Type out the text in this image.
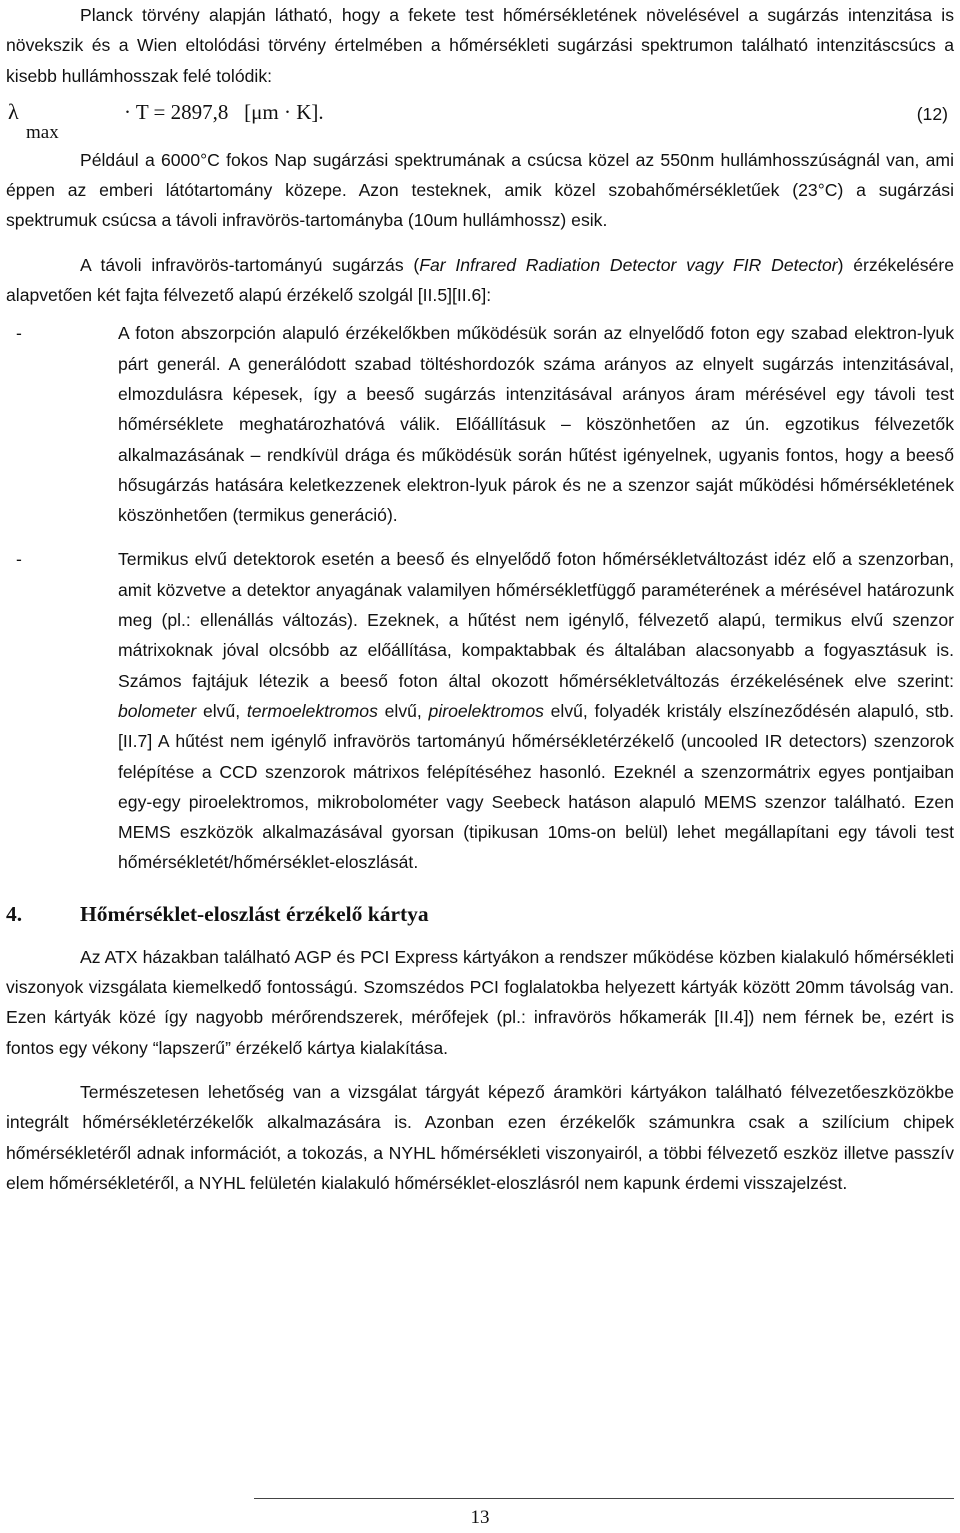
Planck törvény alapján látható, hogy a fekete test hőmérsékletének növelésével a sugárzás intenzitása is növekszik és a Wien eltolódási törvény értelmében a hőmérsékleti sugárzási spektrumon található intenzitáscsúcs a kisebb hullámhosszak felé tolódik:

λ
max
· T = 2897,8   [μm · K].	(12)

Például a 6000°C fokos Nap sugárzási spektrumának a csúcsa közel az 550nm hullámhosszúságnál van, ami éppen az emberi látótartomány közepe. Azon testeknek, amik közel szobahőmérsékletűek (23°C) a sugárzási spektrumuk csúcsa a távoli infravörös-tartományba (10um hullámhossz) esik.

A távoli infravörös-tartományú sugárzás (Far Infrared Radiation Detector vagy FIR Detector) érzékelésére alapvetően két fajta félvezető alapú érzékelő szolgál [II.5][II.6]:

-	A foton abszorpción alapuló érzékelőkben működésük során az elnyelődő foton egy szabad elektron-lyuk párt generál. A generálódott szabad töltéshordozók száma arányos az elnyelt sugárzás intenzitásával, elmozdulásra képesek, így a beeső sugárzás intenzitásával arányos áram mérésével egy távoli test hőmérséklete meghatározhatóvá válik. Előállításuk – köszönhetően az ún. egzotikus félvezetők alkalmazásának – rendkívül drága és működésük során hűtést igényelnek, ugyanis fontos, hogy a beeső hősugárzás hatására keletkezzenek elektron-lyuk párok és ne a szenzor saját működési hőmérsékletének köszönhetően (termikus generáció).
-	Termikus elvű detektorok esetén a beeső és elnyelődő foton hőmérsékletváltozást idéz elő a szenzorban, amit közvetve a detektor anyagának valamilyen hőmérsékletfüggő paraméterének a mérésével határozunk meg (pl.: ellenállás változás). Ezeknek, a hűtést nem igénylő, félvezető alapú, termikus elvű szenzor mátrixoknak jóval olcsóbb az előállítása, kompaktabbak és általában alacsonyabb a fogyasztásuk is. Számos fajtájuk létezik a beeső foton által okozott hőmérsékletváltozás érzékelésének elve szerint: bolometer elvű, termoelektromos elvű, piroelektromos elvű, folyadék kristály elszíneződésén alapuló, stb.[II.7] A hűtést nem igénylő infravörös tartományú hőmérsékletérzékelő (uncooled IR detectors) szenzorok felépítése a CCD szenzorok mátrixos felépítéséhez hasonló. Ezeknél a szenzormátrix egyes pontjaiban egy-egy piroelektromos, mikrobolométer vagy Seebeck hatáson alapuló MEMS szenzor található. Ezen MEMS eszközök alkalmazásával gyorsan (tipikusan 10ms-on belül) lehet megállapítani egy távoli test hőmérsékletét/hőmérséklet-eloszlását.
4.	Hőmérséklet-eloszlást érzékelő kártya

Az ATX házakban található AGP és PCI Express kártyákon a rendszer működése közben kialakuló hőmérsékleti viszonyok vizsgálata kiemelkedő fontosságú. Szomszédos PCI foglalatokba helyezett kártyák között 20mm távolság van. Ezen kártyák közé így nagyobb mérőrendszerek, mérőfejek (pl.: infravörös hőkamerák [II.4]) nem férnek be, ezért is fontos egy vékony “lapszerű” érzékelő kártya kialakítása.

Természetesen lehetőség van a vizsgálat tárgyát képező áramköri kártyákon található félvezetőeszközökbe integrált hőmérsékletérzékelők alkalmazására is. Azonban ezen érzékelők számunkra csak a szilícium chipek hőmérsékletéről adnak információt, a tokozás, a NYHL hőmérsékleti viszonyairól, a többi félvezető eszköz illetve passzív elem hőmérsékletéről, a NYHL felületén kialakuló hőmérséklet-eloszlásról nem kapunk érdemi visszajelzést.

13
